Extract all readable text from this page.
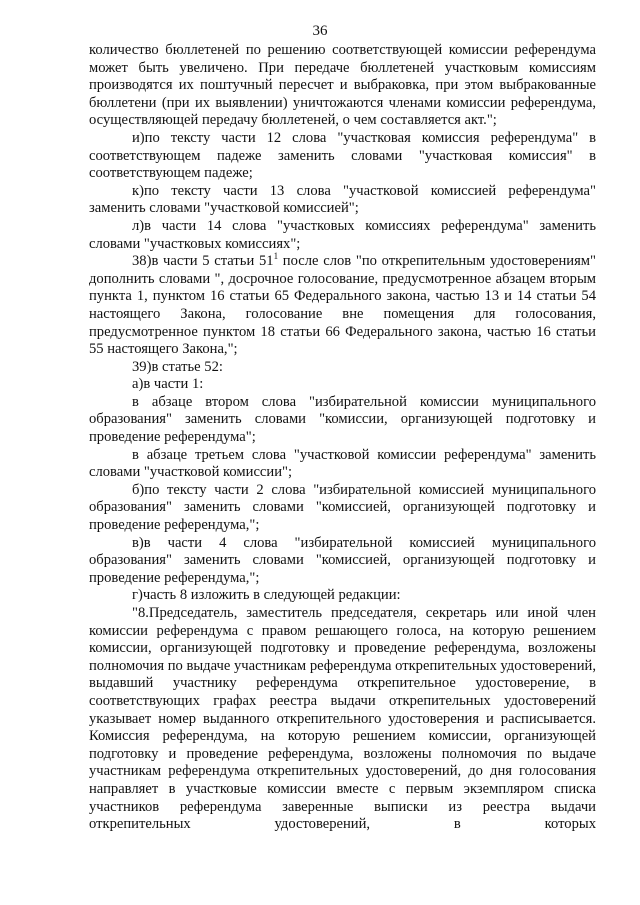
36

количество бюллетеней по решению соответствующей комиссии референдума может быть увеличено. При передаче бюллетеней участковым комиссиям производятся их поштучный пересчет и выбраковка, при этом выбракованные бюллетени (при их выявлении) уничтожаются членами комиссии референдума, осуществляющей передачу бюллетеней, о чем составляется акт.";

и)по тексту части 12 слова "участковая комиссия референдума" в соответствующем падеже заменить словами "участковая комиссия" в соответствующем падеже;

к)по тексту части 13 слова "участковой комиссией референдума" заменить словами "участковой комиссией";

л)в части 14 слова "участковых комиссиях референдума" заменить словами "участковых комиссиях";

38)в части 5 статьи $51^1$ после слов "по открепительным удостоверениям" дополнить словами ", досрочное голосование, предусмотренное абзацем вторым пункта 1, пунктом 16 статьи 65 Федерального закона, частью 13 и 14 статьи 54 настоящего Закона, голосование вне помещения для голосования, предусмотренное пунктом 18 статьи 66 Федерального закона, частью 16 статьи 55 настоящего Закона,";

39)в статье 52:

а)в части 1:

в абзаце втором слова "избирательной комиссии муниципального образования" заменить словами "комиссии, организующей подготовку и проведение референдума";

в абзаце третьем слова "участковой комиссии референдума" заменить словами "участковой комиссии";

б)по тексту части 2 слова "избирательной комиссией муниципального образования" заменить словами "комиссией, организующей подготовку и проведение референдума,";

в)в части 4 слова "избирательной комиссией муниципального образования" заменить словами "комиссией, организующей подготовку и проведение референдума,";

г)часть 8 изложить в следующей редакции:

"8.Председатель, заместитель председателя, секретарь или иной член комиссии референдума с правом решающего голоса, на которую решением комиссии, организующей подготовку и проведение референдума, возложены полномочия по выдаче участникам референдума открепительных удостоверений, выдавший участнику референдума открепительное удостоверение, в соответствующих графах реестра выдачи открепительных удостоверений указывает номер выданного открепительного удостоверения и расписывается. Комиссия референдума, на которую решением комиссии, организующей подготовку и проведение референдума, возложены полномочия по выдаче участникам референдума открепительных удостоверений, до дня голосования направляет в участковые комиссии вместе с первым экземпляром списка участников референдума заверенные выписки из реестра выдачи открепительных удостоверений, в которых
